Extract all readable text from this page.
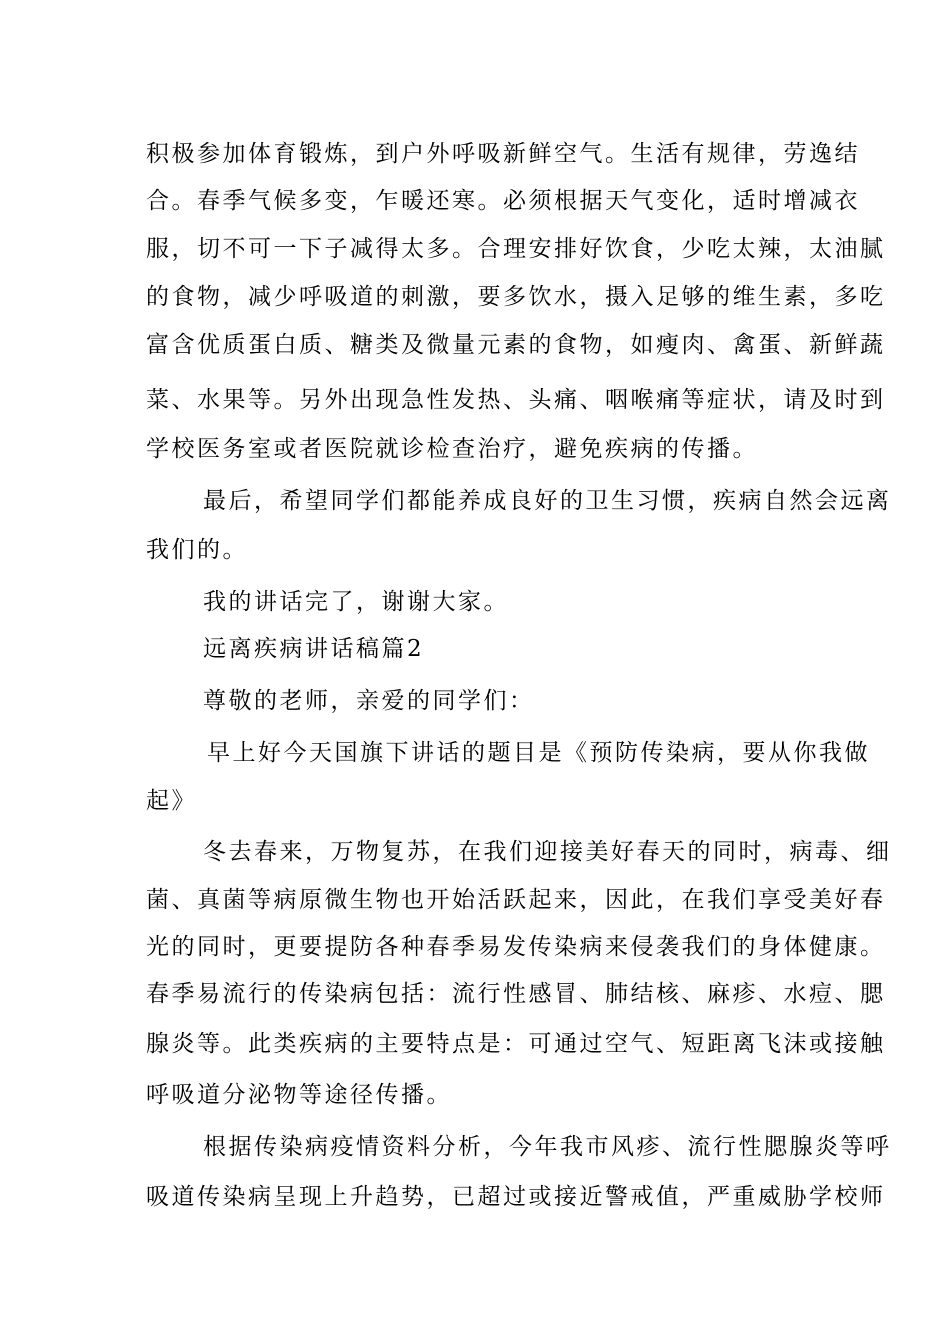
积极参加体育锻炼，到户外呼吸新鲜空气。生活有规律，劳逸结
合。春季气候多变，乍暖还寒。必须根据天气变化，适时增减衣
服，切不可一下子减得太多。合理安排好饮食，少吃太辣，太油腻
的食物，减少呼吸道的刺激，要多饮水，摄入足够的维生素，多吃
富含优质蛋白质、糖类及微量元素的食物，如瘦肉、禽蛋、新鲜蔬
菜、水果等。另外出现急性发热、头痛、咽喉痛等症状，请及时到
学校医务室或者医院就诊检查治疗，避免疾病的传播。
最后，希望同学们都能养成良好的卫生习惯，疾病自然会远离
我们的。
我的讲话完了，谢谢大家。
远离疾病讲话稿篇2
尊敬的老师，亲爱的同学们：
早上好今天国旗下讲话的题目是《预防传染病，要从你我做
起》
冬去春来，万物复苏，在我们迎接美好春天的同时，病毒、细
菌、真菌等病原微生物也开始活跃起来，因此，在我们享受美好春
光的同时，更要提防各种春季易发传染病来侵袭我们的身体健康。
春季易流行的传染病包括：流行性感冒、肺结核、麻疹、水痘、腮
腺炎等。此类疾病的主要特点是：可通过空气、短距离飞沫或接触
呼吸道分泌物等途径传播。
根据传染病疫情资料分析，今年我市风疹、流行性腮腺炎等呼
吸道传染病呈现上升趋势，已超过或接近警戒值，严重威胁学校师
